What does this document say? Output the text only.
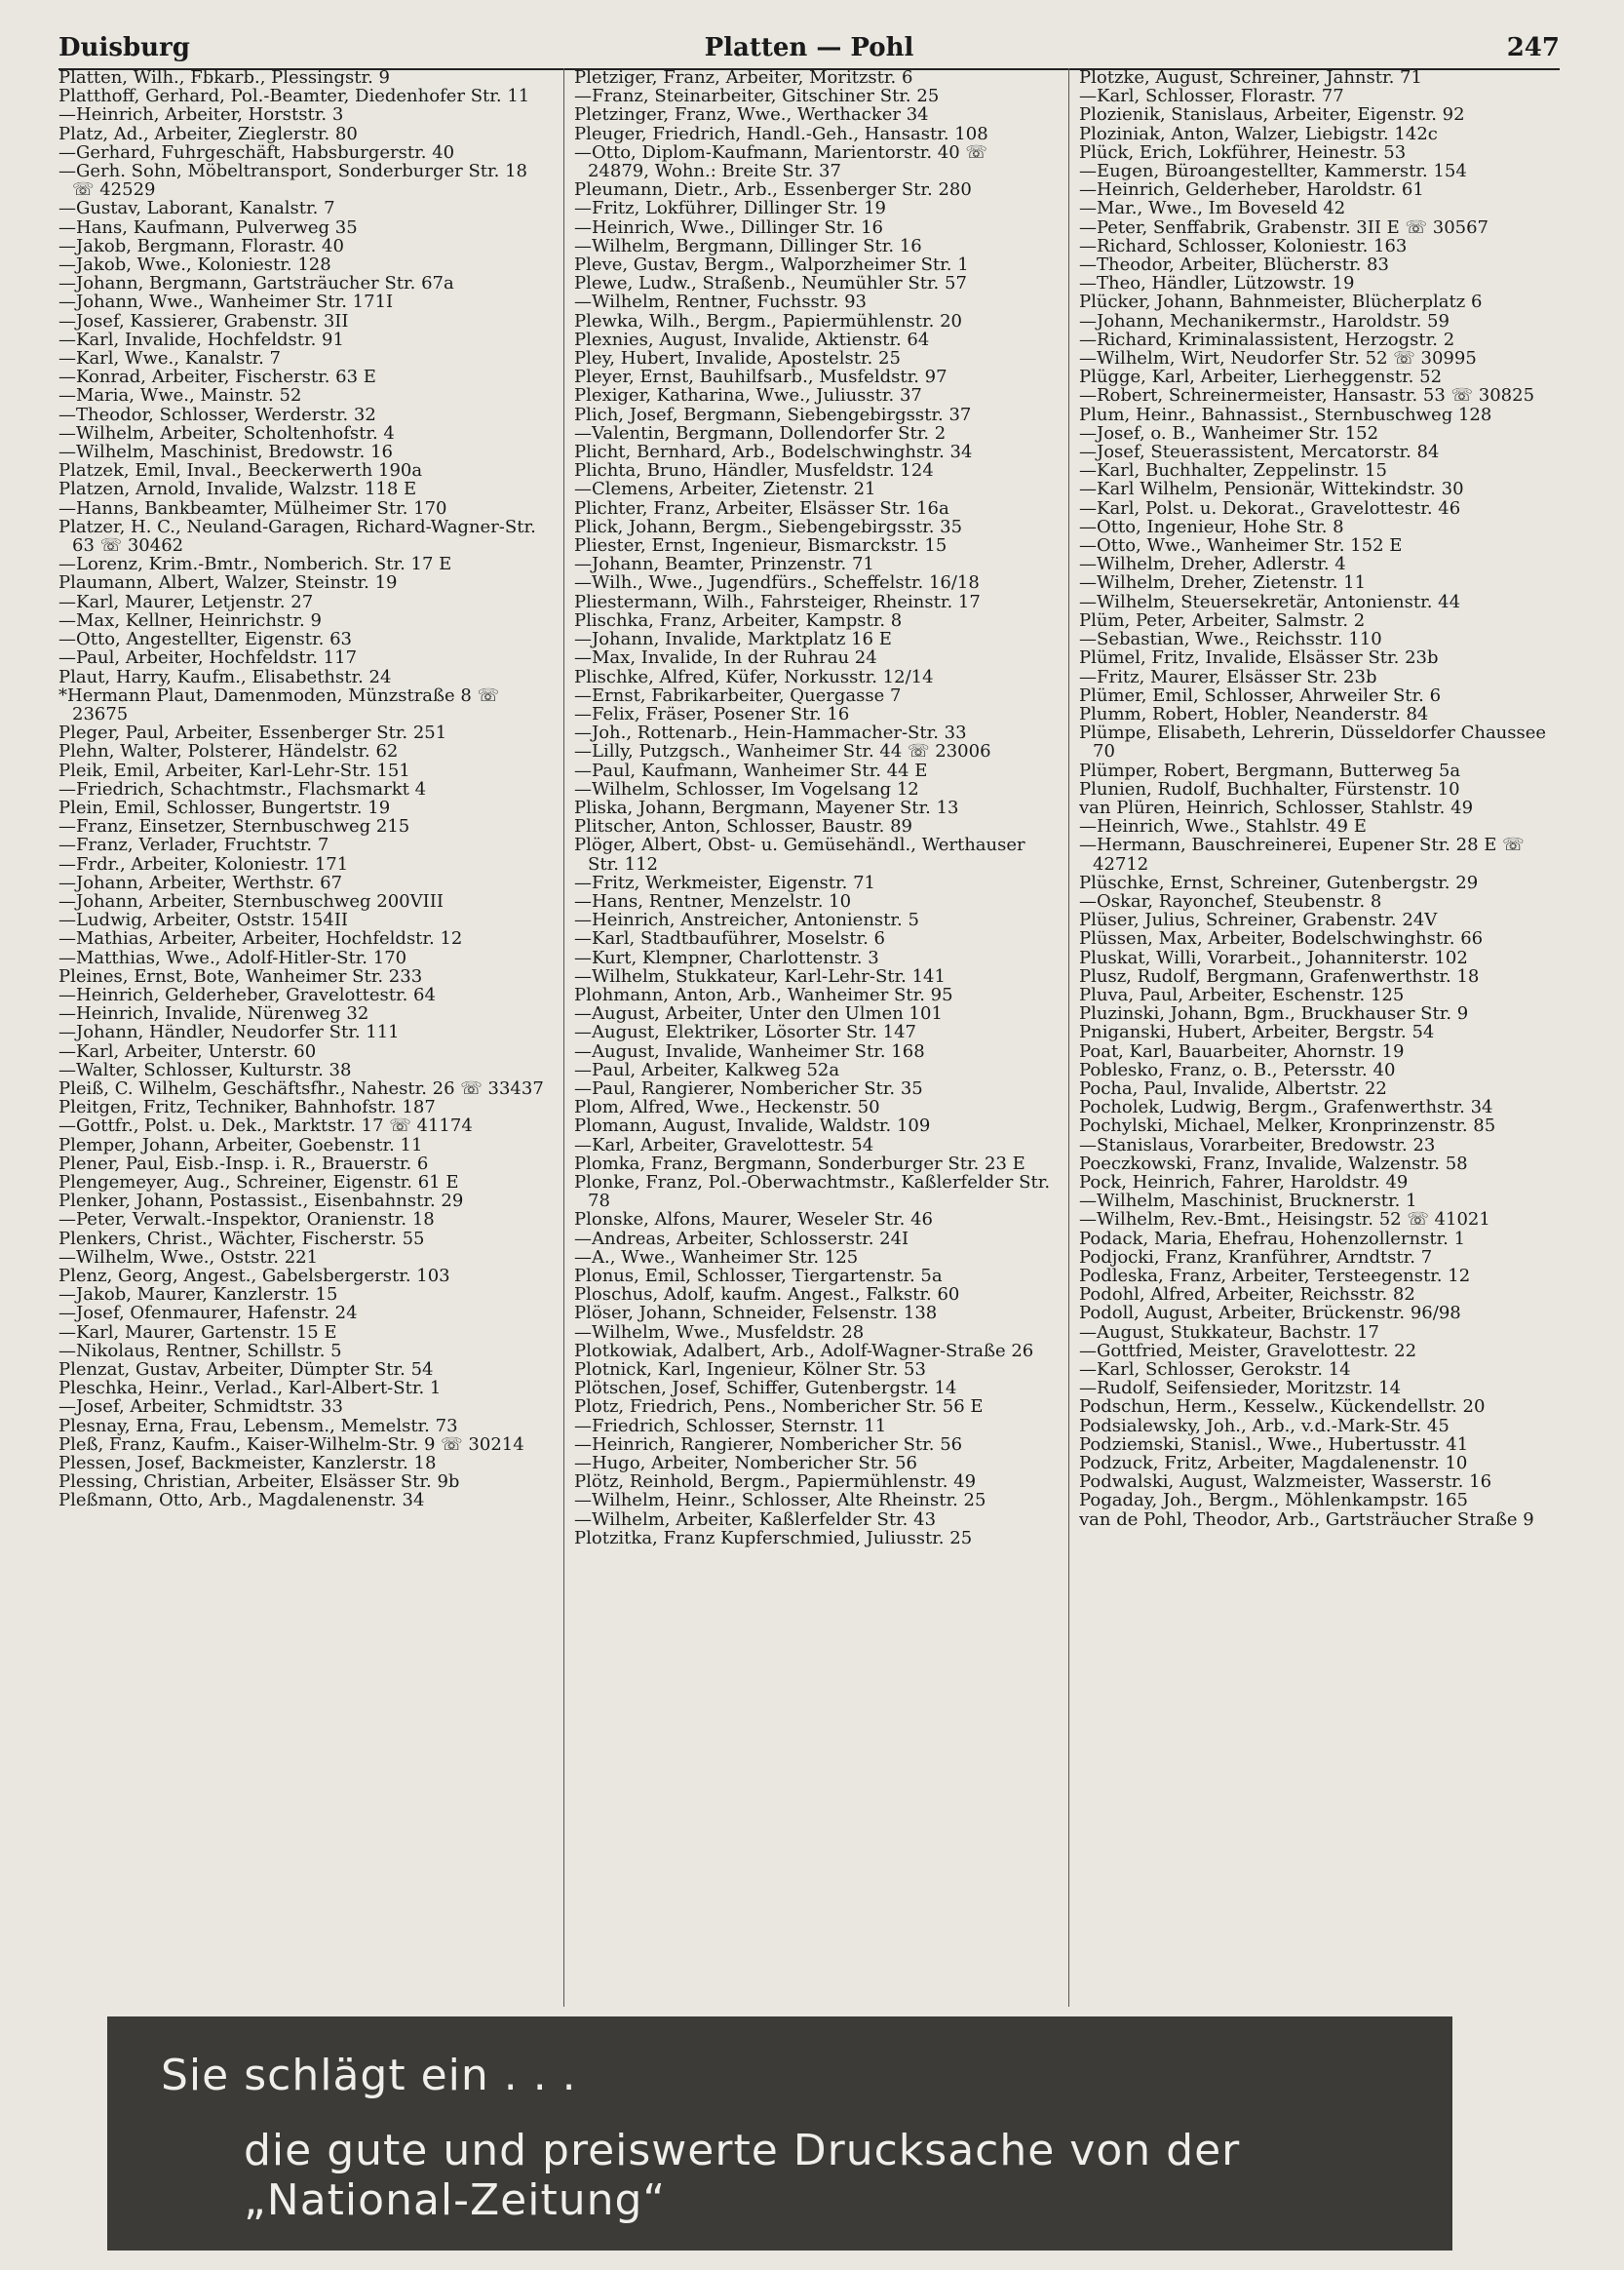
Duisburg	Platten — Pohl	247
Platten, Wilh., Fbkarb., Plessingstr. 9
Platthoff, Gerhard, Pol.-Beamter, Diedenhofer Str. 11
—Heinrich, Arbeiter, Horststr. 3
Platz, Ad., Arbeiter, Zieglerstr. 80
—Gerhard, Fuhrgeschäft, Habsburgerstr. 40
—Gerh. Sohn, Möbeltransport, Sonderburger Str. 18 ☏ 42529
—Gustav, Laborant, Kanalstr. 7
—Hans, Kaufmann, Pulverweg 35
—Jakob, Bergmann, Florastr. 40
—Jakob, Wwe., Koloniestr. 128
—Johann, Bergmann, Gartsträucher Str. 67a
—Johann, Wwe., Wanheimer Str. 171I
—Josef, Kassierer, Grabenstr. 3II
—Karl, Invalide, Hochfeldstr. 91
—Karl, Wwe., Kanalstr. 7
—Konrad, Arbeiter, Fischerstr. 63 E
—Maria, Wwe., Mainstr. 52
—Theodor, Schlosser, Werderstr. 32
—Wilhelm, Arbeiter, Scholtenhofstr. 4
—Wilhelm, Maschinist, Bredowstr. 16
Platzek, Emil, Inval., Beeckerwerth 190a
Platzen, Arnold, Invalide, Walzstr. 118 E
—Hanns, Bankbeamter, Mülheimer Str. 170
Platzer, H. C., Neuland-Garagen, Richard-Wagner-Str. 63 ☏ 30462
—Lorenz, Krim.-Bmtr., Nomberich. Str. 17 E
Plaumann, Albert, Walzer, Steinstr. 19
—Karl, Maurer, Letjenstr. 27
—Max, Kellner, Heinrichstr. 9
—Otto, Angestellter, Eigenstr. 63
—Paul, Arbeiter, Hochfeldstr. 117
Plaut, Harry, Kaufm., Elisabethstr. 24
*Hermann Plaut, Damenmoden, Münzstraße 8 ☏ 23675
Pleger, Paul, Arbeiter, Essenberger Str. 251
Plehn, Walter, Polsterer, Händelstr. 62
Pleik, Emil, Arbeiter, Karl-Lehr-Str. 151
—Friedrich, Schachtmstr., Flachsmarkt 4
Plein, Emil, Schlosser, Bungertstr. 19
—Franz, Einsetzer, Sternbuschweg 215
—Franz, Verlader, Fruchtstr. 7
—Frdr., Arbeiter, Koloniestr. 171
—Johann, Arbeiter, Werthstr. 67
—Johann, Arbeiter, Sternbuschweg 200VIII
—Ludwig, Arbeiter, Oststr. 154II
—Mathias, Arbeiter, Arbeiter, Hochfeldstr. 12
—Matthias, Wwe., Adolf-Hitler-Str. 170
Pleines, Ernst, Bote, Wanheimer Str. 233
—Heinrich, Gelderheber, Gravelottestr. 64
—Heinrich, Invalide, Nürenweg 32
—Johann, Händler, Neudorfer Str. 111
—Karl, Arbeiter, Unterstr. 60
—Walter, Schlosser, Kulturstr. 38
Pleiß, C. Wilhelm, Geschäftsfhr., Nahestr. 26 ☏ 33437
Pleitgen, Fritz, Techniker, Bahnhofstr. 187
—Gottfr., Polst. u. Dek., Marktstr. 17 ☏ 41174
Plemper, Johann, Arbeiter, Goebenstr. 11
Plener, Paul, Eisb.-Insp. i. R., Brauerstr. 6
Plengemeyer, Aug., Schreiner, Eigenstr. 61 E
Plenker, Johann, Postassist., Eisenbahnstr. 29
—Peter, Verwalt.-Inspektor, Oranienstr. 18
Plenkers, Christ., Wächter, Fischerstr. 55
—Wilhelm, Wwe., Oststr. 221
Plenz, Georg, Angest., Gabelsbergerstr. 103
—Jakob, Maurer, Kanzlerstr. 15
—Josef, Ofenmaurer, Hafenstr. 24
—Karl, Maurer, Gartenstr. 15 E
—Nikolaus, Rentner, Schillstr. 5
Plenzat, Gustav, Arbeiter, Dümpter Str. 54
Pleschka, Heinr., Verlad., Karl-Albert-Str. 1
—Josef, Arbeiter, Schmidtstr. 33
Plesnay, Erna, Frau, Lebensm., Memelstr. 73
Pleß, Franz, Kaufm., Kaiser-Wilhelm-Str. 9 ☏ 30214
Plessen, Josef, Backmeister, Kanzlerstr. 18
Plessing, Christian, Arbeiter, Elsässer Str. 9b
Pleßmann, Otto, Arb., Magdalenenstr. 34
Pletziger, Franz, Arbeiter, Moritzstr. 6
—Franz, Steinarbeiter, Gitschiner Str. 25
Pletzinger, Franz, Wwe., Werthacker 34
Pleuger, Friedrich, Handl.-Geh., Hansastr. 108
—Otto, Diplom-Kaufmann, Marientorstr. 40 ☏ 24879, Wohn.: Breite Str. 37
Pleumann, Dietr., Arb., Essenberger Str. 280
—Fritz, Lokführer, Dillinger Str. 19
—Heinrich, Wwe., Dillinger Str. 16
—Wilhelm, Bergmann, Dillinger Str. 16
Pleve, Gustav, Bergm., Walporzheimer Str. 1
Plewe, Ludw., Straßenb., Neumühler Str. 57
—Wilhelm, Rentner, Fuchsstr. 93
Plewka, Wilh., Bergm., Papiermühlenstr. 20
Plexnies, August, Invalide, Aktienstr. 64
Pley, Hubert, Invalide, Apostelstr. 25
Pleyer, Ernst, Bauhilfsarb., Musfeldstr. 97
Plexiger, Katharina, Wwe., Juliusstr. 37
Plich, Josef, Bergmann, Siebengebirgsstr. 37
—Valentin, Bergmann, Dollendorfer Str. 2
Plicht, Bernhard, Arb., Bodelschwinghstr. 34
Plichta, Bruno, Händler, Musfeldstr. 124
—Clemens, Arbeiter, Zietenstr. 21
Plichter, Franz, Arbeiter, Elsässer Str. 16a
Plick, Johann, Bergm., Siebengebirgsstr. 35
Pliester, Ernst, Ingenieur, Bismarckstr. 15
—Johann, Beamter, Prinzenstr. 71
—Wilh., Wwe., Jugendfürs., Scheffelstr. 16/18
Pliestermann, Wilh., Fahrsteiger, Rheinstr. 17
Plischka, Franz, Arbeiter, Kampstr. 8
—Johann, Invalide, Marktplatz 16 E
—Max, Invalide, In der Ruhrau 24
Plischke, Alfred, Küfer, Norkusstr. 12/14
—Ernst, Fabrikarbeiter, Quergasse 7
—Felix, Fräser, Posener Str. 16
—Joh., Rottenarb., Hein-Hammacher-Str. 33
—Lilly, Putzgsch., Wanheimer Str. 44 ☏ 23006
—Paul, Kaufmann, Wanheimer Str. 44 E
—Wilhelm, Schlosser, Im Vogelsang 12
Pliska, Johann, Bergmann, Mayener Str. 13
Plitscher, Anton, Schlosser, Baustr. 89
Plöger, Albert, Obst- u. Gemüsehändl., Werthauser Str. 112
—Fritz, Werkmeister, Eigenstr. 71
—Hans, Rentner, Menzelstr. 10
—Heinrich, Anstreicher, Antonienstr. 5
—Karl, Stadtbauführer, Moselstr. 6
—Kurt, Klempner, Charlottenstr. 3
—Wilhelm, Stukkateur, Karl-Lehr-Str. 141
Plohmann, Anton, Arb., Wanheimer Str. 95
—August, Arbeiter, Unter den Ulmen 101
—August, Elektriker, Lösorter Str. 147
—August, Invalide, Wanheimer Str. 168
—Paul, Arbeiter, Kalkweg 52a
—Paul, Rangierer, Nombericher Str. 35
Plom, Alfred, Wwe., Heckenstr. 50
Plomann, August, Invalide, Waldstr. 109
—Karl, Arbeiter, Gravelottestr. 54
Plomka, Franz, Bergmann, Sonderburger Str. 23 E
Plonke, Franz, Pol.-Oberwachtmstr., Kaßlerfelder Str. 78
Plonske, Alfons, Maurer, Weseler Str. 46
—Andreas, Arbeiter, Schlosserstr. 24I
—A., Wwe., Wanheimer Str. 125
Plonus, Emil, Schlosser, Tiergartenstr. 5a
Ploschus, Adolf, kaufm. Angest., Falkstr. 60
Plöser, Johann, Schneider, Felsenstr. 138
—Wilhelm, Wwe., Musfeldstr. 28
Plotkowiak, Adalbert, Arb., Adolf-Wagner-Straße 26
Plotnick, Karl, Ingenieur, Kölner Str. 53
Plötschen, Josef, Schiffer, Gutenbergstr. 14
Plotz, Friedrich, Pens., Nombericher Str. 56 E
—Friedrich, Schlosser, Sternstr. 11
—Heinrich, Rangierer, Nombericher Str. 56
—Hugo, Arbeiter, Nombericher Str. 56
Plötz, Reinhold, Bergm., Papiermühlenstr. 49
—Wilhelm, Heinr., Schlosser, Alte Rheinstr. 25
—Wilhelm, Arbeiter, Kaßlerfelder Str. 43
Plotzitka, Franz Kupferschmied, Juliusstr. 25
Plotzke, August, Schreiner, Jahnstr. 71
—Karl, Schlosser, Florastr. 77
Plozienik, Stanislaus, Arbeiter, Eigenstr. 92
Ploziniak, Anton, Walzer, Liebigstr. 142c
Plück, Erich, Lokführer, Heinestr. 53
—Eugen, Büroangestellter, Kammerstr. 154
—Heinrich, Gelderheber, Haroldstr. 61
—Mar., Wwe., Im Boveseld 42
—Peter, Senffabrik, Grabenstr. 3II E ☏ 30567
—Richard, Schlosser, Koloniestr. 163
—Theodor, Arbeiter, Blücherstr. 83
—Theo, Händler, Lützowstr. 19
Plücker, Johann, Bahnmeister, Blücherplatz 6
—Johann, Mechanikermstr., Haroldstr. 59
—Richard, Kriminalassistent, Herzogstr. 2
—Wilhelm, Wirt, Neudorfer Str. 52 ☏ 30995
Plügge, Karl, Arbeiter, Lierheggenstr. 52
—Robert, Schreinermeister, Hansastr. 53 ☏ 30825
Plum, Heinr., Bahnassist., Sternbuschweg 128
—Josef, o. B., Wanheimer Str. 152
—Josef, Steuerassistent, Mercatorstr. 84
—Karl, Buchhalter, Zeppelinstr. 15
—Karl Wilhelm, Pensionär, Wittekindstr. 30
—Karl, Polst. u. Dekorat., Gravelottestr. 46
—Otto, Ingenieur, Hohe Str. 8
—Otto, Wwe., Wanheimer Str. 152 E
—Wilhelm, Dreher, Adlerstr. 4
—Wilhelm, Dreher, Zietenstr. 11
—Wilhelm, Steuersekretär, Antonienstr. 44
Plüm, Peter, Arbeiter, Salmstr. 2
—Sebastian, Wwe., Reichsstr. 110
Plümel, Fritz, Invalide, Elsässer Str. 23b
—Fritz, Maurer, Elsässer Str. 23b
Plümer, Emil, Schlosser, Ahrweiler Str. 6
Plumm, Robert, Hobler, Neanderstr. 84
Plümpe, Elisabeth, Lehrerin, Düsseldorfer Chaussee 70
Plümper, Robert, Bergmann, Butterweg 5a
Plunien, Rudolf, Buchhalter, Fürstenstr. 10
van Plüren, Heinrich, Schlosser, Stahlstr. 49
—Heinrich, Wwe., Stahlstr. 49 E
—Hermann, Bauschreinerei, Eupener Str. 28 E ☏ 42712
Plüschke, Ernst, Schreiner, Gutenbergstr. 29
—Oskar, Rayonchef, Steubenstr. 8
Plüser, Julius, Schreiner, Grabenstr. 24V
Plüssen, Max, Arbeiter, Bodelschwinghstr. 66
Pluskat, Willi, Vorarbeit., Johanniterstr. 102
Plusz, Rudolf, Bergmann, Grafenwerthstr. 18
Pluva, Paul, Arbeiter, Eschenstr. 125
Pluzinski, Johann, Bgm., Bruckhauser Str. 9
Pniganski, Hubert, Arbeiter, Bergstr. 54
Poat, Karl, Bauarbeiter, Ahornstr. 19
Poblesko, Franz, o. B., Petersstr. 40
Pocha, Paul, Invalide, Albertstr. 22
Pocholek, Ludwig, Bergm., Grafenwerthstr. 34
Pochylski, Michael, Melker, Kronprinzenstr. 85
—Stanislaus, Vorarbeiter, Bredowstr. 23
Poeczkowski, Franz, Invalide, Walzenstr. 58
Pock, Heinrich, Fahrer, Haroldstr. 49
—Wilhelm, Maschinist, Brucknerstr. 1
—Wilhelm, Rev.-Bmt., Heisingstr. 52 ☏ 41021
Podack, Maria, Ehefrau, Hohenzollernstr. 1
Podjocki, Franz, Kranführer, Arndtstr. 7
Podleska, Franz, Arbeiter, Tersteegenstr. 12
Podohl, Alfred, Arbeiter, Reichsstr. 82
Podoll, August, Arbeiter, Brückenstr. 96/98
—August, Stukkateur, Bachstr. 17
—Gottfried, Meister, Gravelottestr. 22
—Karl, Schlosser, Gerokstr. 14
—Rudolf, Seifensieder, Moritzstr. 14
Podschun, Herm., Kesselw., Kückendellstr. 20
Podsialewsky, Joh., Arb., v.d.-Mark-Str. 45
Podziemski, Stanisl., Wwe., Hubertusstr. 41
Podzuck, Fritz, Arbeiter, Magdalenenstr. 10
Podwalski, August, Walzmeister, Wasserstr. 16
Pogaday, Joh., Bergm., Möhlenkampstr. 165
van de Pohl, Theodor, Arb., Gartsträucher Straße 9
Sie schlägt ein . . .
die gute und preiswerte Drucksache von der „National-Zeitung“
